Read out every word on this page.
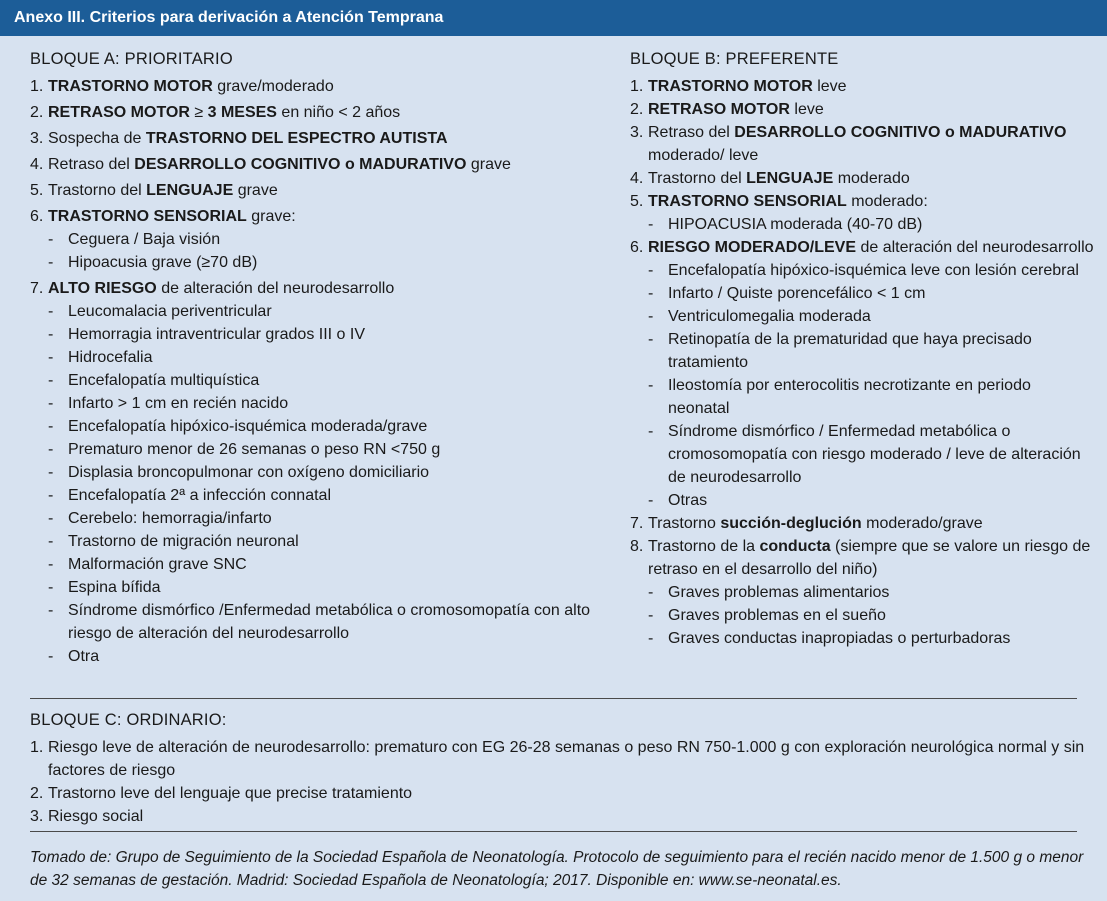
Anexo III. Criterios para derivación a Atención Temprana
BLOQUE A: PRIORITARIO
1. TRASTORNO MOTOR grave/moderado
2. RETRASO MOTOR ≥ 3 MESES en niño < 2 años
3. Sospecha de TRASTORNO DEL ESPECTRO AUTISTA
4. Retraso del DESARROLLO COGNITIVO o MADURATIVO grave
5. Trastorno del LENGUAJE grave
6. TRASTORNO SENSORIAL grave:
- Ceguera / Baja visión
- Hipoacusia grave (≥70 dB)
7. ALTO RIESGO de alteración del neurodesarrollo
- Leucomalacia periventricular
- Hemorragia intraventricular grados III o IV
- Hidrocefalia
- Encefalopatía multiquística
- Infarto > 1 cm en recién nacido
- Encefalopatía hipóxico-isquémica moderada/grave
- Prematuro menor de 26 semanas o peso RN <750 g
- Displasia broncopulmonar con oxígeno domiciliario
- Encefalopatía 2ª a infección connatal
- Cerebelo: hemorragia/infarto
- Trastorno de migración neuronal
- Malformación grave SNC
- Espina bífida
- Síndrome dismórfico /Enfermedad metabólica o cromosomopatía con alto riesgo de alteración del neurodesarrollo
- Otra
BLOQUE B: PREFERENTE
1. TRASTORNO MOTOR leve
2. RETRASO MOTOR leve
3. Retraso del DESARROLLO COGNITIVO o MADURATIVO moderado/ leve
4. Trastorno del LENGUAJE moderado
5. TRASTORNO SENSORIAL moderado:
- HIPOACUSIA moderada (40-70 dB)
6. RIESGO MODERADO/LEVE de alteración del neurodesarrollo
- Encefalopatía hipóxico-isquémica leve con lesión cerebral
- Infarto / Quiste porencefálico < 1 cm
- Ventriculomegalia moderada
- Retinopatía de la prematuridad que haya precisado tratamiento
- Ileostomía por enterocolitis necrotizante en periodo neonatal
- Síndrome dismórfico / Enfermedad metabólica o cromosomopatía con riesgo moderado / leve de alteración de neurodesarrollo
- Otras
7. Trastorno succión-deglución moderado/grave
8. Trastorno de la conducta (siempre que se valore un riesgo de retraso en el desarrollo del niño)
- Graves problemas alimentarios
- Graves problemas en el sueño
- Graves conductas inapropiadas o perturbadoras
BLOQUE C: ORDINARIO:
1. Riesgo leve de alteración de neurodesarrollo: prematuro con EG 26-28 semanas o peso RN 750-1.000 g con exploración neurológica normal y sin factores de riesgo
2. Trastorno leve del lenguaje que precise tratamiento
3. Riesgo social
Tomado de: Grupo de Seguimiento de la Sociedad Española de Neonatología. Protocolo de seguimiento para el recién nacido menor de 1.500 g o menor de 32 semanas de gestación. Madrid: Sociedad Española de Neonatología; 2017. Disponible en: www.se-neonatal.es.
